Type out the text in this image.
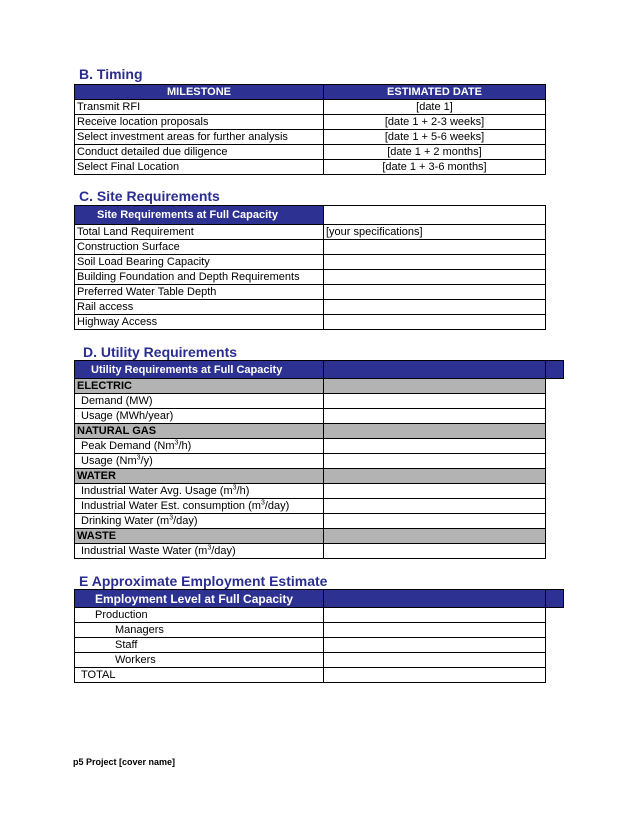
B. Timing
MILESTONE	ESTIMATED DATE
Transmit RFI	[date 1]
Receive location proposals	[date 1 + 2-3 weeks]
Select investment areas for further analysis	[date 1 + 5-6 weeks]
Conduct detailed due diligence	[date 1 + 2 months]
Select Final Location	[date 1 + 3-6 months]
C. Site Requirements
Site Requirements at Full Capacity	
Total Land Requirement	[your specifications]
Construction Surface	
Soil Load Bearing Capacity	
Building Foundation and Depth Requirements	
Preferred Water Table Depth	
Rail access	
Highway Access	
D. Utility Requirements
Utility Requirements at Full Capacity		
ELECTRIC		
Demand (MW)		
Usage (MWh/year)		
NATURAL GAS		
Peak Demand (Nm$^3$/h)		
Usage (Nm$^3$/y)		
WATER		
Industrial Water Avg. Usage $(m^3/h)$		
Industrial Water Est. consumption $(m^3/day)$		
Drinking Water $(m^3/day)$		
WASTE		
Industrial Waste Water $(m^3/day)$		
E Approximate Employment Estimate
Employment Level at Full Capacity		
Production		
Managers		
Staff		
Workers		
TOTAL		
p5 Project [cover name]
